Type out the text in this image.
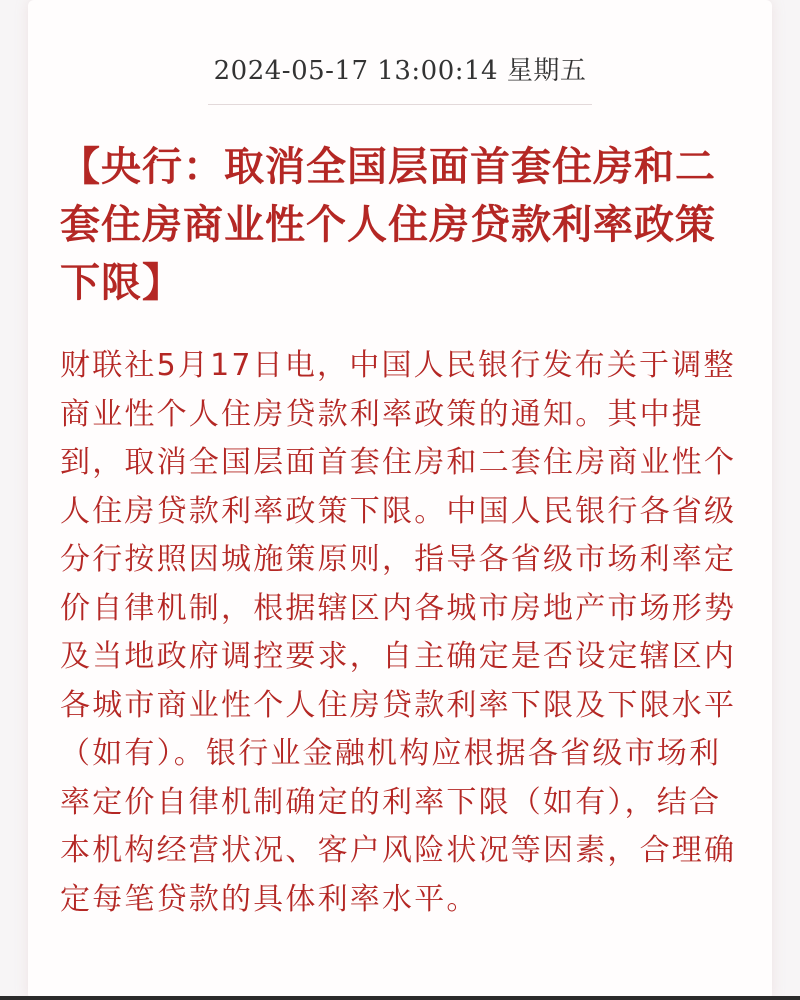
2024-05-17 13:00:14 星期五
【央行：取消全国层面首套住房和二套住房商业性个人住房贷款利率政策下限】

财联社5月17日电，中国人民银行发布关于调整商业性个人住房贷款利率政策的通知。其中提到，取消全国层面首套住房和二套住房商业性个人住房贷款利率政策下限。中国人民银行各省级分行按照因城施策原则，指导各省级市场利率定价自律机制，根据辖区内各城市房地产市场形势及当地政府调控要求，自主确定是否设定辖区内各城市商业性个人住房贷款利率下限及下限水平（如有）。银行业金融机构应根据各省级市场利率定价自律机制确定的利率下限（如有），结合本机构经营状况、客户风险状况等因素，合理确定每笔贷款的具体利率水平。
